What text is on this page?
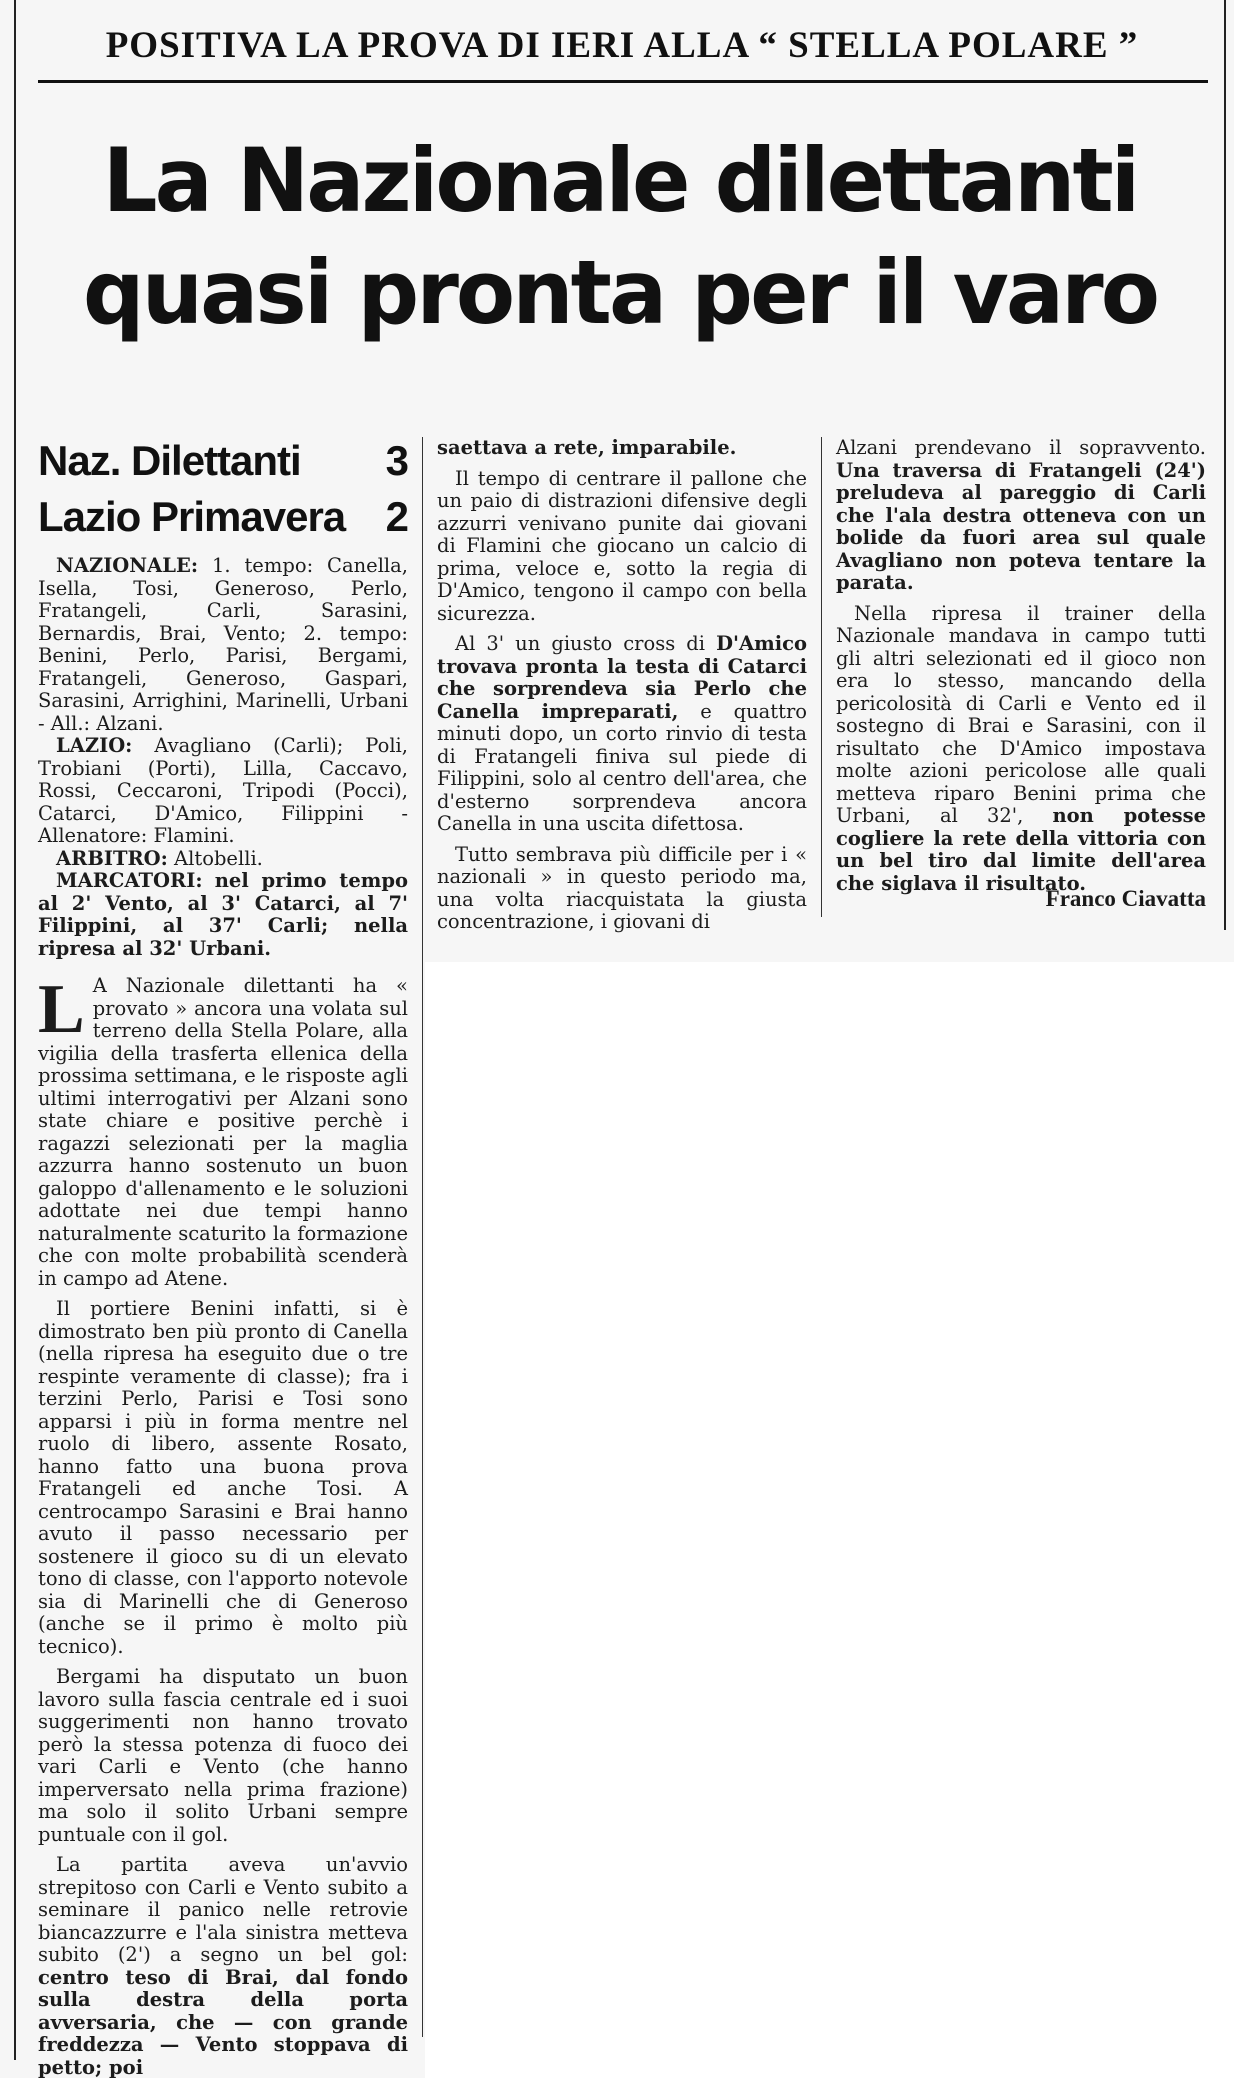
POSITIVA LA PROVA DI IERI ALLA “ STELLA POLARE ”
La Nazionale dilettanti
quasi pronta per il varo
Naz. Dilettanti 3
Lazio Primavera 2

NAZIONALE: 1. tempo: Canella, Isella, Tosi, Generoso, Perlo, Fratangeli, Carli, Sarasini, Bernardis, Brai, Vento; 2. tempo: Benini, Perlo, Parisi, Bergami, Fratangeli, Generoso, Gaspari, Sarasini, Arrighini, Marinelli, Urbani - All.: Alzani.

LAZIO: Avagliano (Carli); Poli, Trobiani (Porti), Lilla, Caccavo, Rossi, Ceccaroni, Tripodi (Pocci), Catarci, D'Amico, Filippini - Allenatore: Flamini.

ARBITRO: Altobelli.

MARCATORI: nel primo tempo al 2' Vento, al 3' Catarci, al 7' Filippini, al 37' Carli; nella ripresa al 32' Urbani.

L A Nazionale dilettanti ha « provato » ancora una volata sul terreno della Stella Polare, alla vigilia della trasferta ellenica della prossima settimana, e le risposte agli ultimi interrogativi per Alzani sono state chiare e positive perchè i ragazzi selezionati per la maglia azzurra hanno sostenuto un buon galoppo d'allenamento e le soluzioni adottate nei due tempi hanno naturalmente scaturito la formazione che con molte probabilità scenderà in campo ad Atene.

Il portiere Benini infatti, si è dimostrato ben più pronto di Canella (nella ripresa ha eseguito due o tre respinte veramente di classe); fra i terzini Perlo, Parisi e Tosi sono apparsi i più in forma mentre nel ruolo di libero, assente Rosato, hanno fatto una buona prova Fratangeli ed anche Tosi. A centrocampo Sarasini e Brai hanno avuto il passo necessario per sostenere il gioco su di un elevato tono di classe, con l'apporto notevole sia di Marinelli che di Generoso (anche se il primo è molto più tecnico).

Bergami ha disputato un buon lavoro sulla fascia centrale ed i suoi suggerimenti non hanno trovato però la stessa potenza di fuoco dei vari Carli e Vento (che hanno imperversato nella prima frazione) ma solo il solito Urbani sempre puntuale con il gol.

La partita aveva un'avvio strepitoso con Carli e Vento subito a seminare il panico nelle retrovie biancazzurre e l'ala sinistra metteva subito (2') a segno un bel gol: centro teso di Brai, dal fondo sulla destra della porta avversaria, che — con grande freddezza — Vento stoppava di petto; poi

saettava a rete, imparabile.

Il tempo di centrare il pallone che un paio di distrazioni difensive degli azzurri venivano punite dai giovani di Flamini che giocano un calcio di prima, veloce e, sotto la regia di D'Amico, tengono il campo con bella sicurezza.

Al 3' un giusto cross di D'Amico trovava pronta la testa di Catarci che sorprendeva sia Perlo che Canella impreparati, e quattro minuti dopo, un corto rinvio di testa di Fratangeli finiva sul piede di Filippini, solo al centro dell'area, che d'esterno sorprendeva ancora Canella in una uscita difettosa.

Tutto sembrava più difficile per i « nazionali » in questo periodo ma, una volta riacquistata la giusta concentrazione, i giovani di

Alzani prendevano il sopravvento. Una traversa di Fratangeli (24') preludeva al pareggio di Carli che l'ala destra otteneva con un bolide da fuori area sul quale Avagliano non poteva tentare la parata.

Nella ripresa il trainer della Nazionale mandava in campo tutti gli altri selezionati ed il gioco non era lo stesso, mancando della pericolosità di Carli e Vento ed il sostegno di Brai e Sarasini, con il risultato che D'Amico impostava molte azioni pericolose alle quali metteva riparo Benini prima che Urbani, al 32', non potesse cogliere la rete della vittoria con un bel tiro dal limite dell'area che siglava il risultato.

Franco Ciavatta
